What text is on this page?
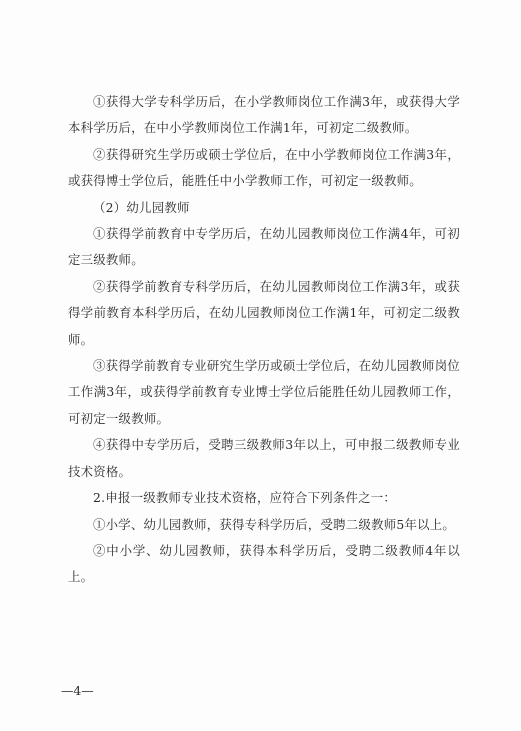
①获得大学专科学历后，在小学教师岗位工作满3年，或获得大学本科学历后，在中小学教师岗位工作满1年，可初定二级教师。

②获得研究生学历或硕士学位后，在中小学教师岗位工作满3年，或获得博士学位后，能胜任中小学教师工作，可初定一级教师。

（2）幼儿园教师

①获得学前教育中专学历后，在幼儿园教师岗位工作满4年，可初定三级教师。

②获得学前教育专科学历后，在幼儿园教师岗位工作满3年，或获得学前教育本科学历后，在幼儿园教师岗位工作满1年，可初定二级教师。

③获得学前教育专业研究生学历或硕士学位后，在幼儿园教师岗位工作满3年，或获得学前教育专业博士学位后能胜任幼儿园教师工作，可初定一级教师。

④获得中专学历后，受聘三级教师3年以上，可申报二级教师专业技术资格。

2.申报一级教师专业技术资格，应符合下列条件之一：

①小学、幼儿园教师，获得专科学历后，受聘二级教师5年以上。

②中小学、幼儿园教师，获得本科学历后，受聘二级教师4年以上。

—4—
